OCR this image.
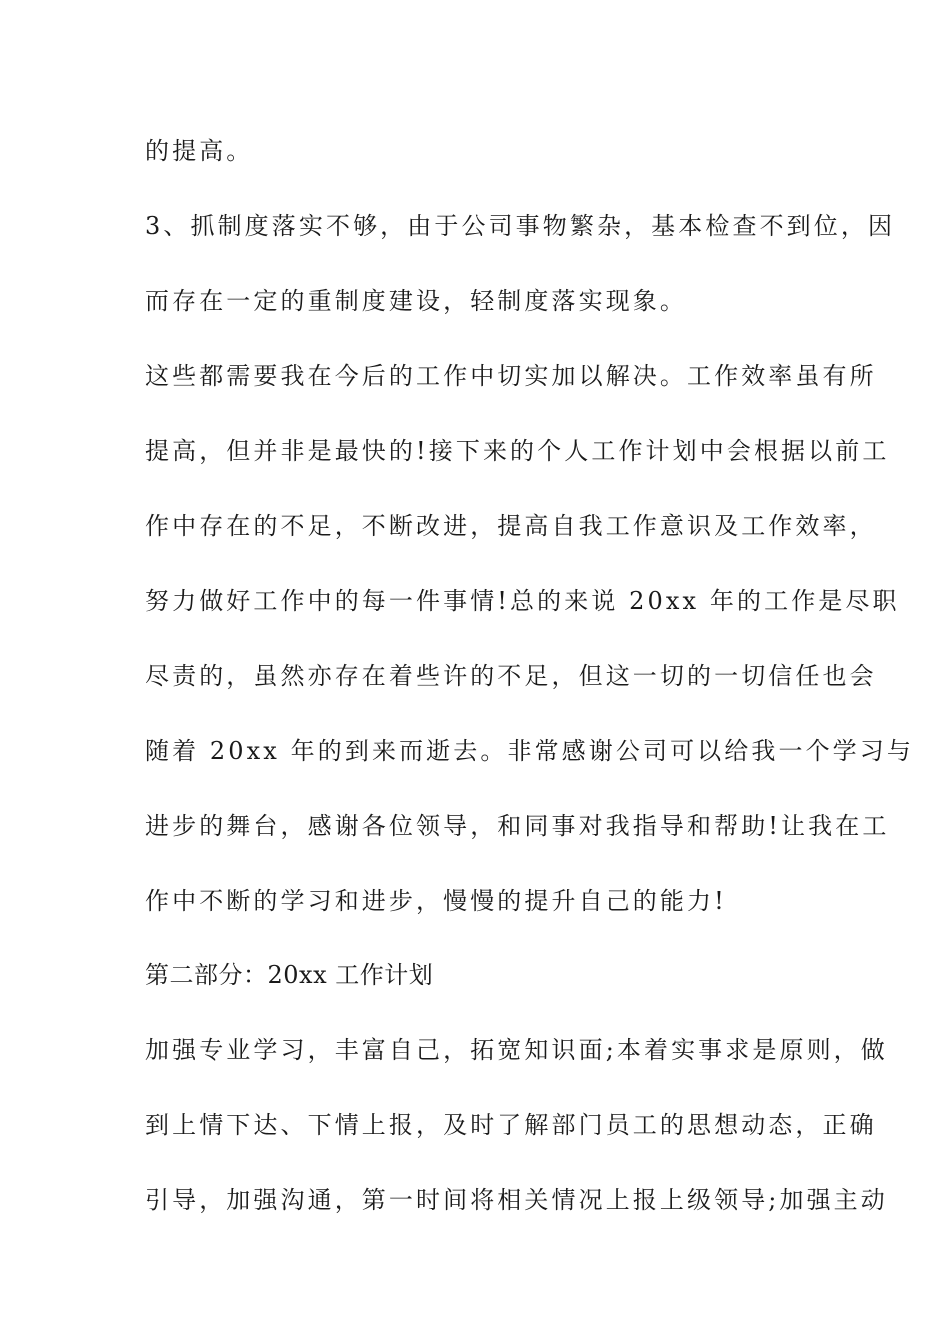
的提高。
3、抓制度落实不够，由于公司事物繁杂，基本检查不到位，因
而存在一定的重制度建设，轻制度落实现象。
这些都需要我在今后的工作中切实加以解决。工作效率虽有所
提高，但并非是最快的!接下来的个人工作计划中会根据以前工
作中存在的不足，不断改进，提高自我工作意识及工作效率，
努力做好工作中的每一件事情!总的来说 20xx 年的工作是尽职
尽责的，虽然亦存在着些许的不足，但这一切的一切信任也会
随着 20xx 年的到来而逝去。非常感谢公司可以给我一个学习与
进步的舞台，感谢各位领导，和同事对我指导和帮助!让我在工
作中不断的学习和进步，慢慢的提升自己的能力!
第二部分：20xx 工作计划
加强专业学习，丰富自己，拓宽知识面;本着实事求是原则，做
到上情下达、下情上报，及时了解部门员工的思想动态，正确
引导，加强沟通，第一时间将相关情况上报上级领导;加强主动
